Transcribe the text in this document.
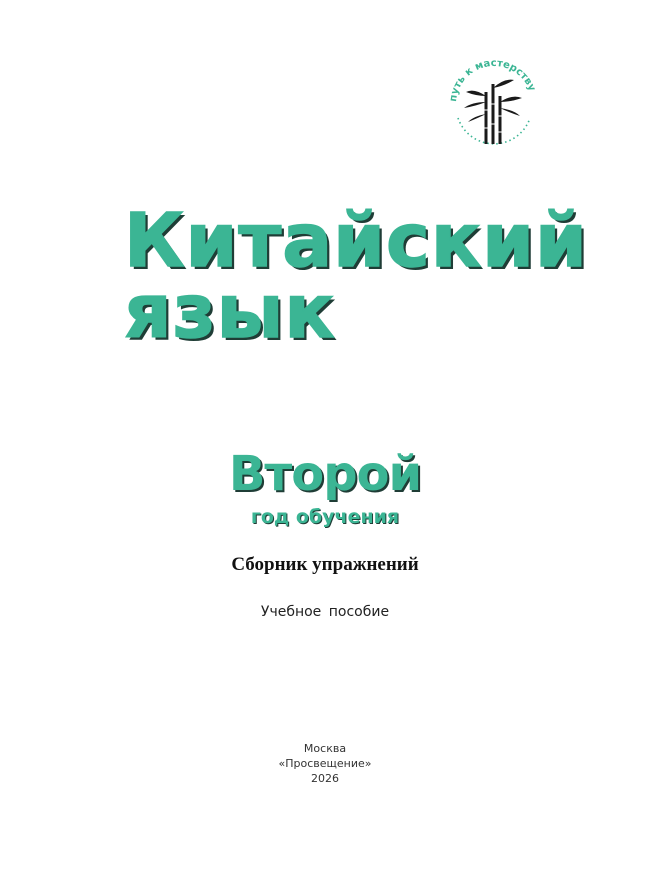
путь к мастерству
Китайский
язык
Второй
год обучения
Сборник упражнений
Учебное пособие
Москва
«Просвещение»
2026
